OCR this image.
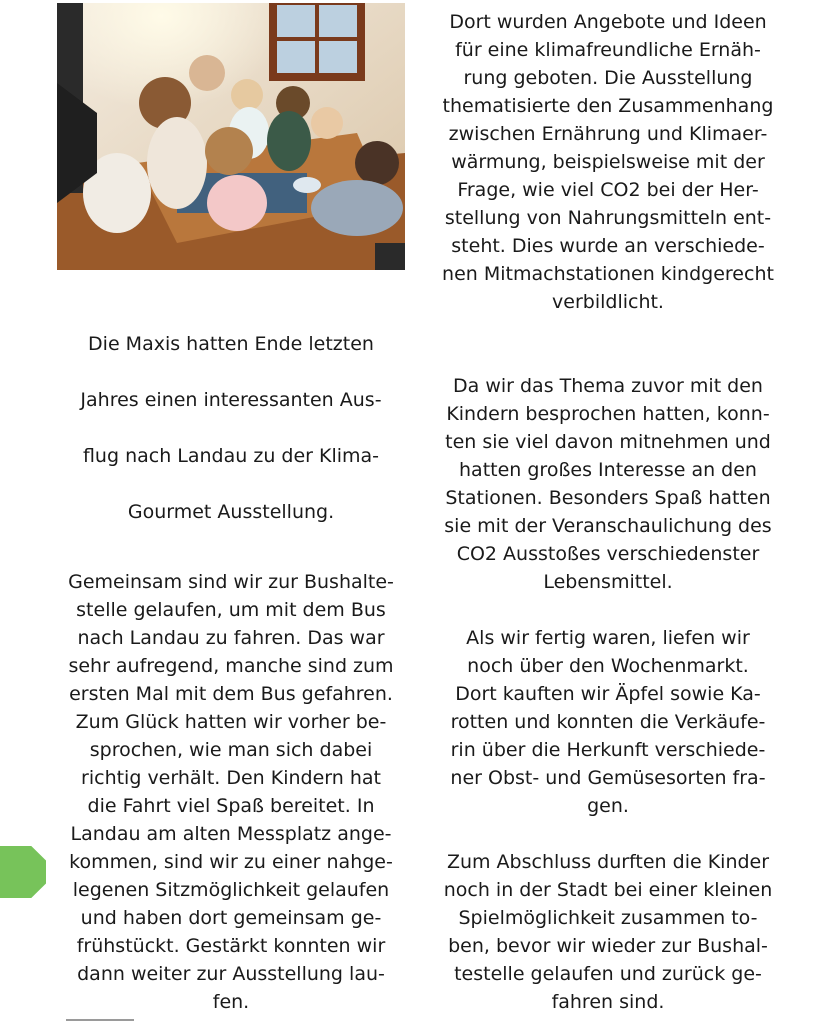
Die Maxis hatten Ende letzten
Jahres einen interessanten Aus-
flug nach Landau zu der Klima-
Gourmet Ausstellung.

Gemeinsam sind wir zur Bushalte-
stelle gelaufen, um mit dem Bus
nach Landau zu fahren. Das war
sehr aufregend, manche sind zum
ersten Mal mit dem Bus gefahren.
Zum Glück hatten wir vorher be-
sprochen, wie man sich dabei
richtig verhält. Den Kindern hat
die Fahrt viel Spaß bereitet. In
Landau am alten Messplatz ange-
kommen, sind wir zu einer nahge-
legenen Sitzmöglichkeit gelaufen
und haben dort gemeinsam ge-
frühstückt. Gestärkt konnten wir
dann weiter zur Ausstellung lau-
fen.

Dort wurden Angebote und Ideen
für eine klimafreundliche Ernäh-
rung geboten. Die Ausstellung
thematisierte den Zusammenhang
zwischen Ernährung und Klimaer-
wärmung, beispielsweise mit der
Frage, wie viel CO2 bei der Her-
stellung von Nahrungsmitteln ent-
steht. Dies wurde an verschiede-
nen Mitmachstationen kindgerecht
verbildlicht.

Da wir das Thema zuvor mit den
Kindern besprochen hatten, konn-
ten sie viel davon mitnehmen und
hatten großes Interesse an den
Stationen. Besonders Spaß hatten
sie mit der Veranschaulichung des
CO2 Ausstoßes verschiedenster
Lebensmittel.

Als wir fertig waren, liefen wir
noch über den Wochenmarkt.
Dort kauften wir Äpfel sowie Ka-
rotten und konnten die Verkäufe-
rin über die Herkunft verschiede-
ner Obst- und Gemüsesorten fra-
gen.

Zum Abschluss durften die Kinder
noch in der Stadt bei einer kleinen
Spielmöglichkeit zusammen to-
ben, bevor wir wieder zur Bushal-
testelle gelaufen und zurück ge-
fahren sind.
